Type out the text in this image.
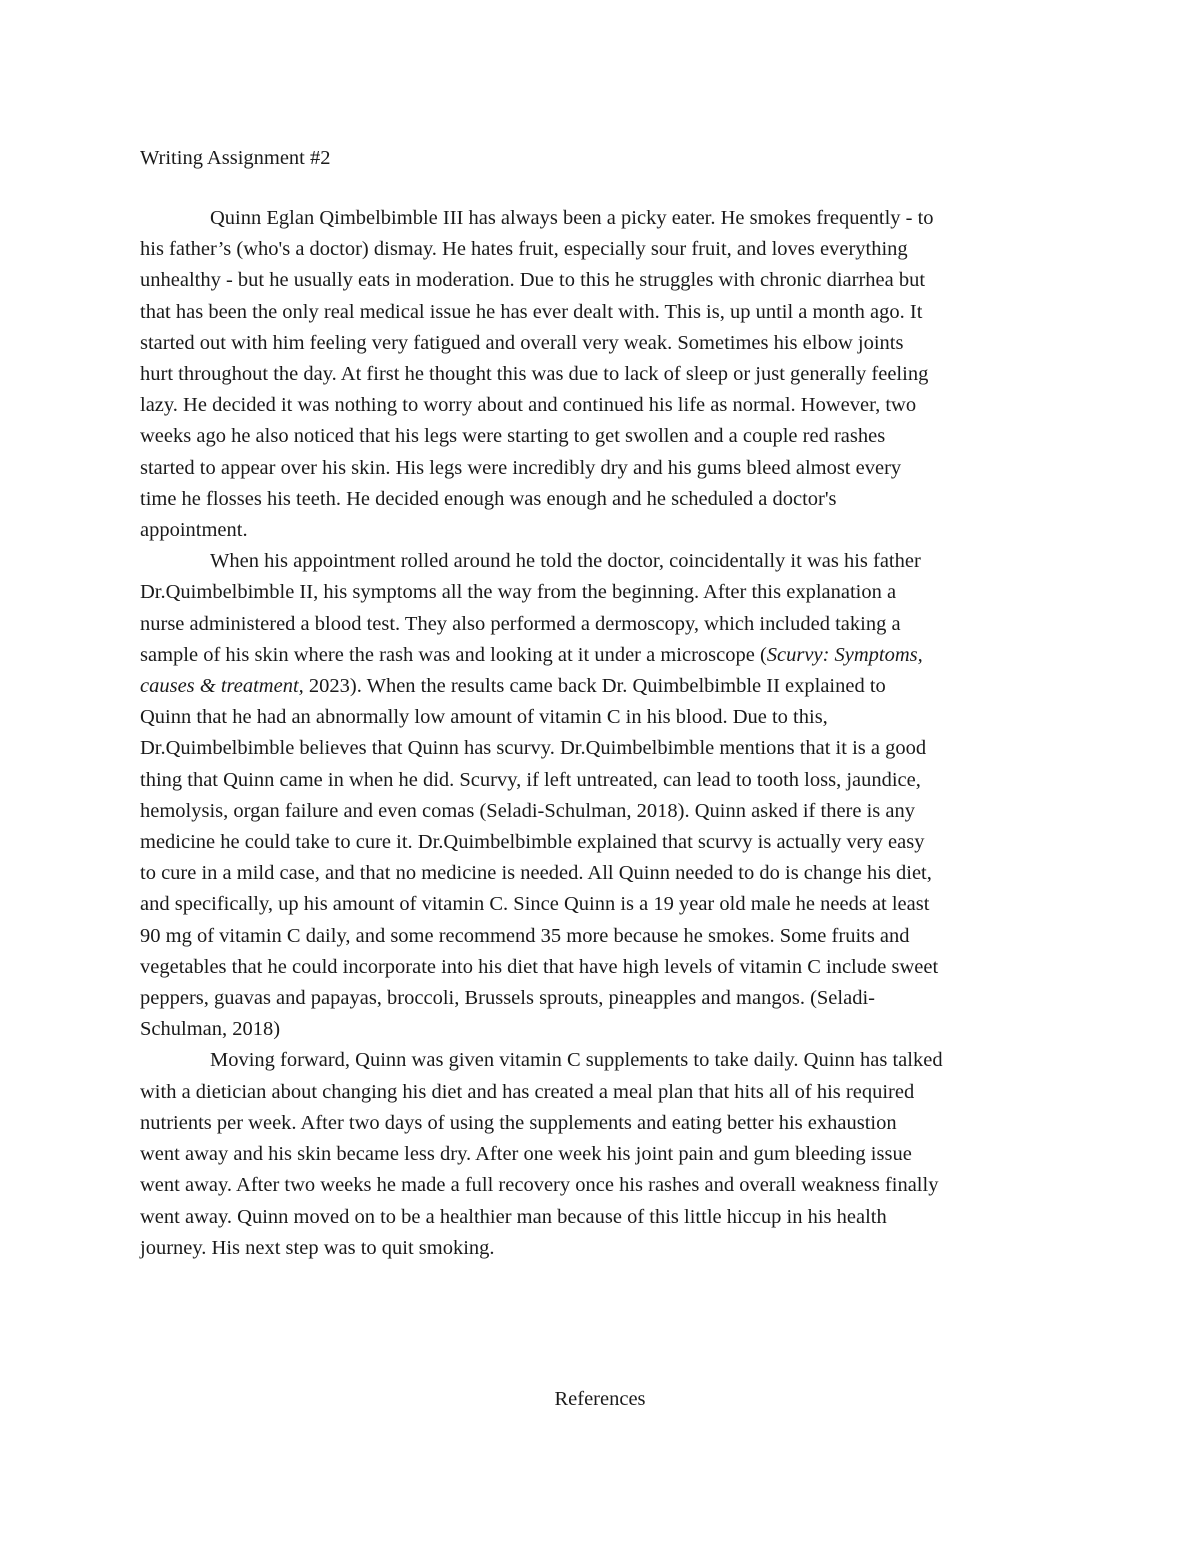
Writing Assignment #2

Quinn Eglan Qimbelbimble III has always been a picky eater. He smokes frequently - to
his father’s (who's a doctor) dismay. He hates fruit, especially sour fruit, and loves everything
unhealthy - but he usually eats in moderation. Due to this he struggles with chronic diarrhea but
that has been the only real medical issue he has ever dealt with. This is, up until a month ago. It
started out with him feeling very fatigued and overall very weak. Sometimes his elbow joints
hurt throughout the day. At first he thought this was due to lack of sleep or just generally feeling
lazy. He decided it was nothing to worry about and continued his life as normal. However, two
weeks ago he also noticed that his legs were starting to get swollen and a couple red rashes
started to appear over his skin. His legs were incredibly dry and his gums bleed almost every
time he flosses his teeth. He decided enough was enough and he scheduled a doctor's
appointment.

When his appointment rolled around he told the doctor, coincidentally it was his father
Dr.Quimbelbimble II, his symptoms all the way from the beginning. After this explanation a
nurse administered a blood test. They also performed a dermoscopy, which included taking a
sample of his skin where the rash was and looking at it under a microscope (Scurvy: Symptoms,
causes & treatment, 2023). When the results came back Dr. Quimbelbimble II explained to
Quinn that he had an abnormally low amount of vitamin C in his blood. Due to this,
Dr.Quimbelbimble believes that Quinn has scurvy. Dr.Quimbelbimble mentions that it is a good
thing that Quinn came in when he did. Scurvy, if left untreated, can lead to tooth loss, jaundice,
hemolysis, organ failure and even comas (Seladi-Schulman, 2018). Quinn asked if there is any
medicine he could take to cure it. Dr.Quimbelbimble explained that scurvy is actually very easy
to cure in a mild case, and that no medicine is needed. All Quinn needed to do is change his diet,
and specifically, up his amount of vitamin C. Since Quinn is a 19 year old male he needs at least
90 mg of vitamin C daily, and some recommend 35 more because he smokes. Some fruits and
vegetables that he could incorporate into his diet that have high levels of vitamin C include sweet
peppers, guavas and papayas, broccoli, Brussels sprouts, pineapples and mangos. (Seladi-
Schulman, 2018)

Moving forward, Quinn was given vitamin C supplements to take daily. Quinn has talked
with a dietician about changing his diet and has created a meal plan that hits all of his required
nutrients per week. After two days of using the supplements and eating better his exhaustion
went away and his skin became less dry. After one week his joint pain and gum bleeding issue
went away. After two weeks he made a full recovery once his rashes and overall weakness finally
went away. Quinn moved on to be a healthier man because of this little hiccup in his health
journey. His next step was to quit smoking.

References
